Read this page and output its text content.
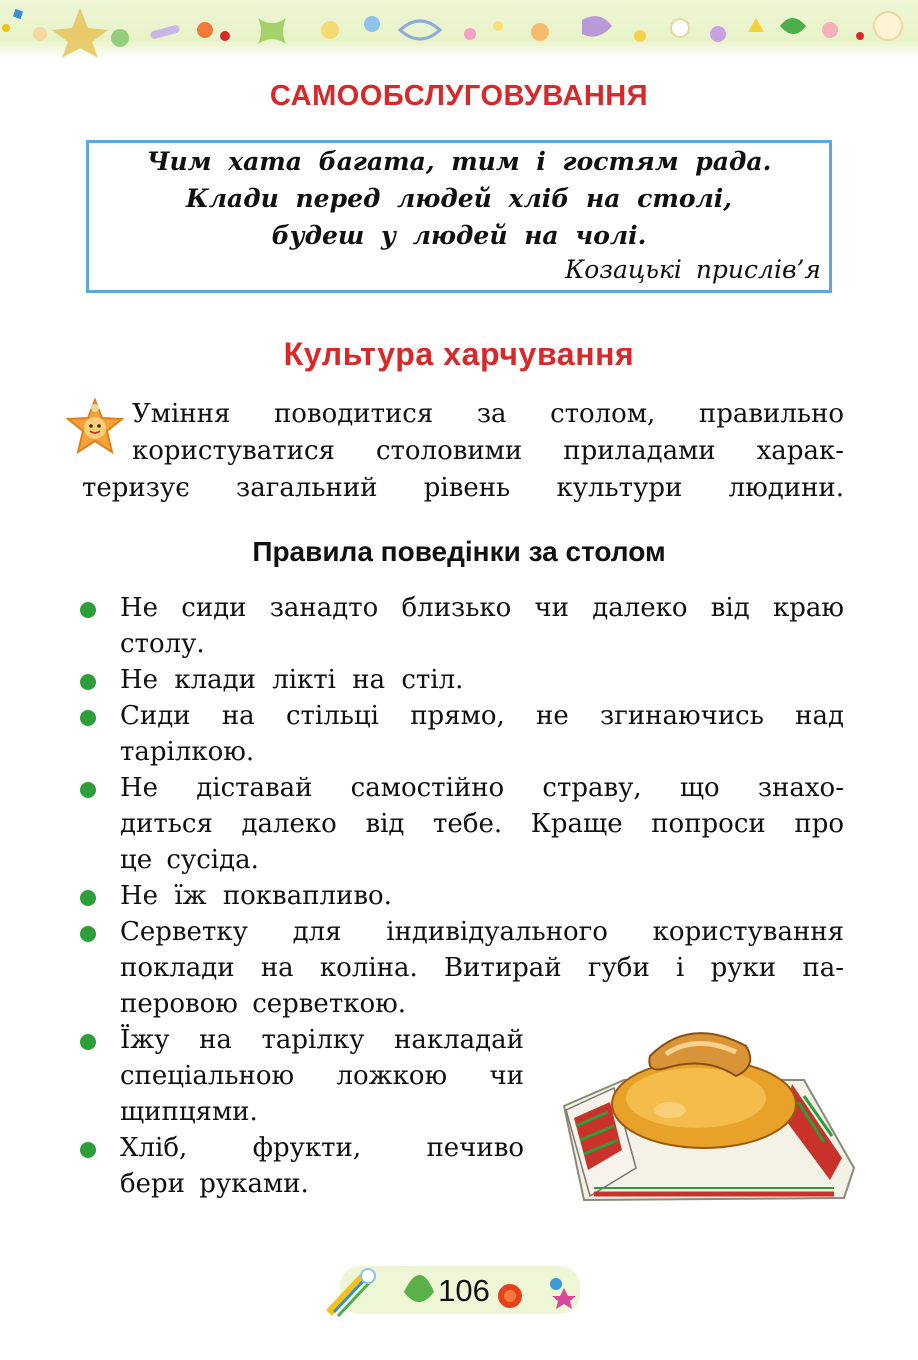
САМООБСЛУГОВУВАННЯ
Чим хата багата, тим і гостям рада.
Клади перед людей хліб на столі,
будеш у людей на чолі.
Козацькі прислів’я
Культура харчування
Уміння поводитися за столом, правильно
користуватися столовими приладами харак-
теризує загальний рівень культури людини.
Правила поведінки за столом
Не сиди занадто близько чи далеко від краю
столу.
Не клади лікті на стіл.
Сиди на стільці прямо, не згинаючись над
тарілкою.
Не діставай самостійно страву, що знахо-
диться далеко від тебе. Краще попроси про
це сусіда.
Не їж поквапливо.
Серветку для індивідуального користування
поклади на коліна. Витирай губи і руки па-
перовою серветкою.
Їжу на тарілку накладай
спеціальною ложкою чи
щипцями.
Хліб, фрукти, печиво
бери руками.
106
